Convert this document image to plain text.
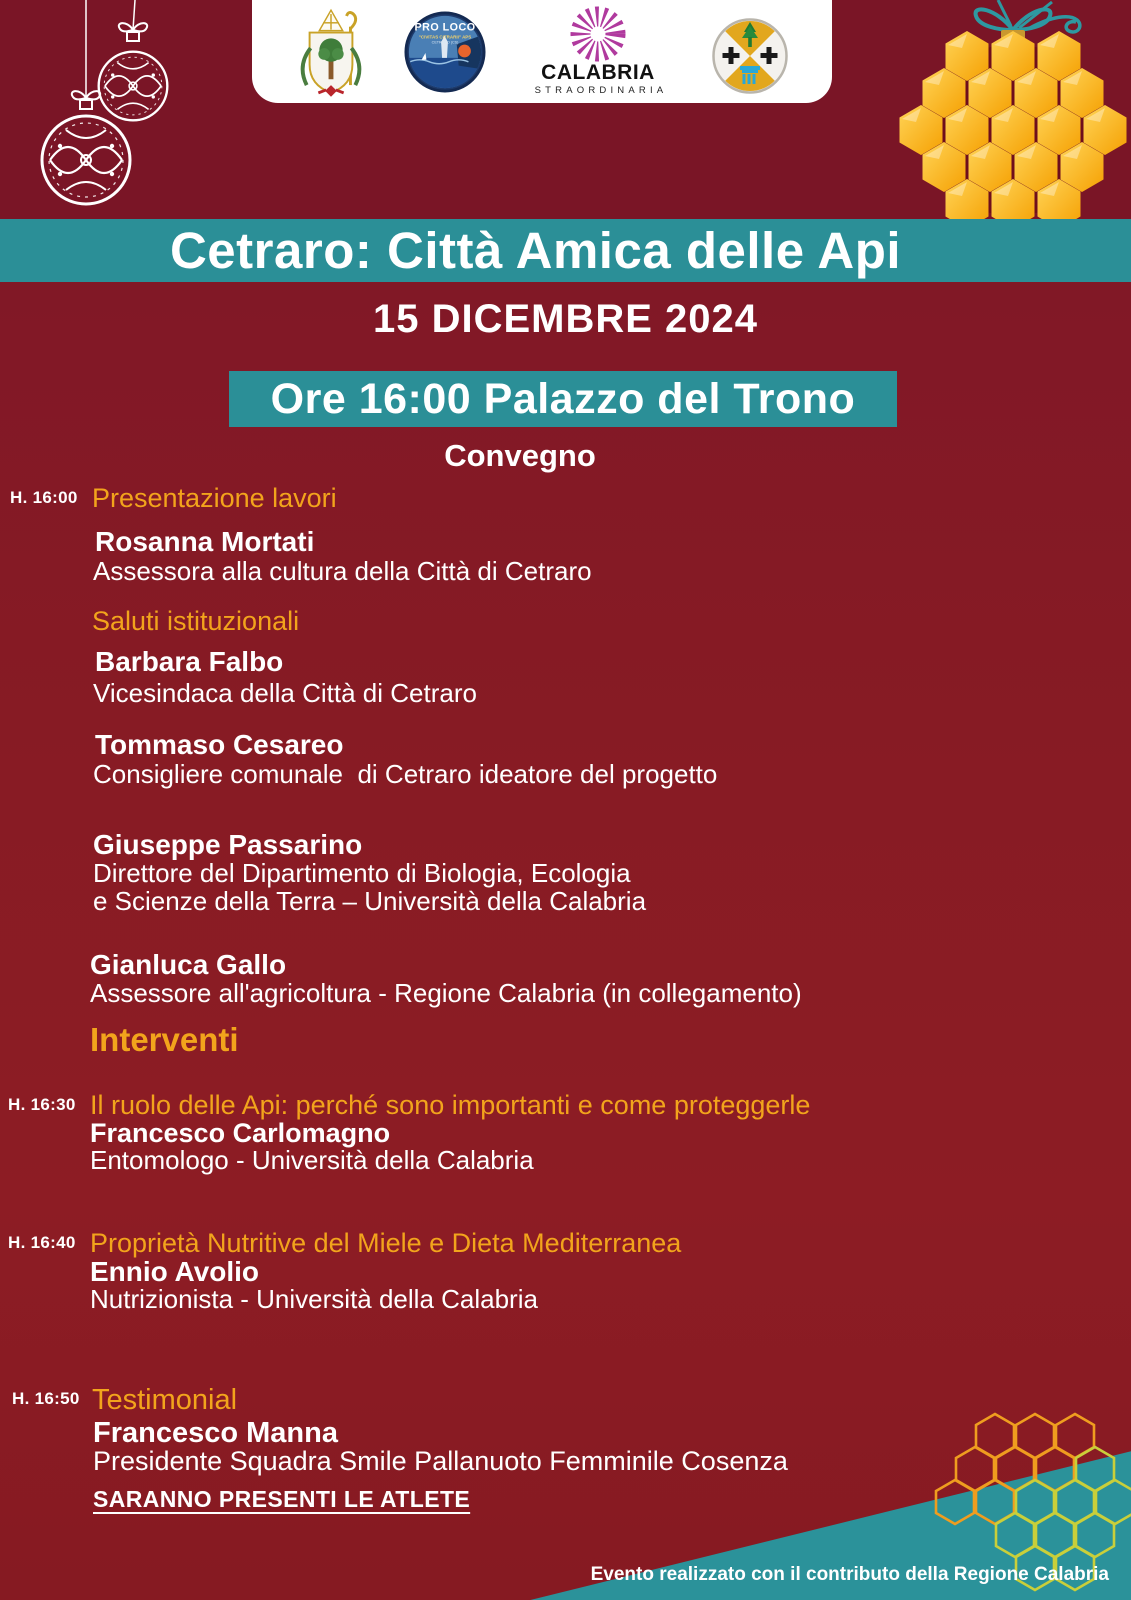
PRO LOCO
"CIVITAS CITRARII" APS
CETRARO (CS)
CALABRIA
STRAORDINARIA
Cetraro: Città Amica delle Api
15 DICEMBRE 2024
Ore 16:00 Palazzo del Trono
Convegno
H. 16:00 Presentazione lavori
Rosanna Mortati
Assessora alla cultura della Città di Cetraro
Saluti istituzionali
Barbara Falbo
Vicesindaca della Città di Cetraro
Tommaso Cesareo
Consigliere comunale  di Cetraro ideatore del progetto
Giuseppe Passarino
Direttore del Dipartimento di Biologia, Ecologia
e Scienze della Terra – Università della Calabria
Gianluca Gallo
Assessore all'agricoltura - Regione Calabria (in collegamento)
Interventi
H. 16:30 Il ruolo delle Api: perché sono importanti e come proteggerle
Francesco Carlomagno
Entomologo - Università della Calabria
H. 16:40 Proprietà Nutritive del Miele e Dieta Mediterranea
Ennio Avolio
Nutrizionista - Università della Calabria
H. 16:50 Testimonial
Francesco Manna
Presidente Squadra Smile Pallanuoto Femminile Cosenza
SARANNO PRESENTI LE ATLETE
Evento realizzato con il contributo della Regione Calabria
